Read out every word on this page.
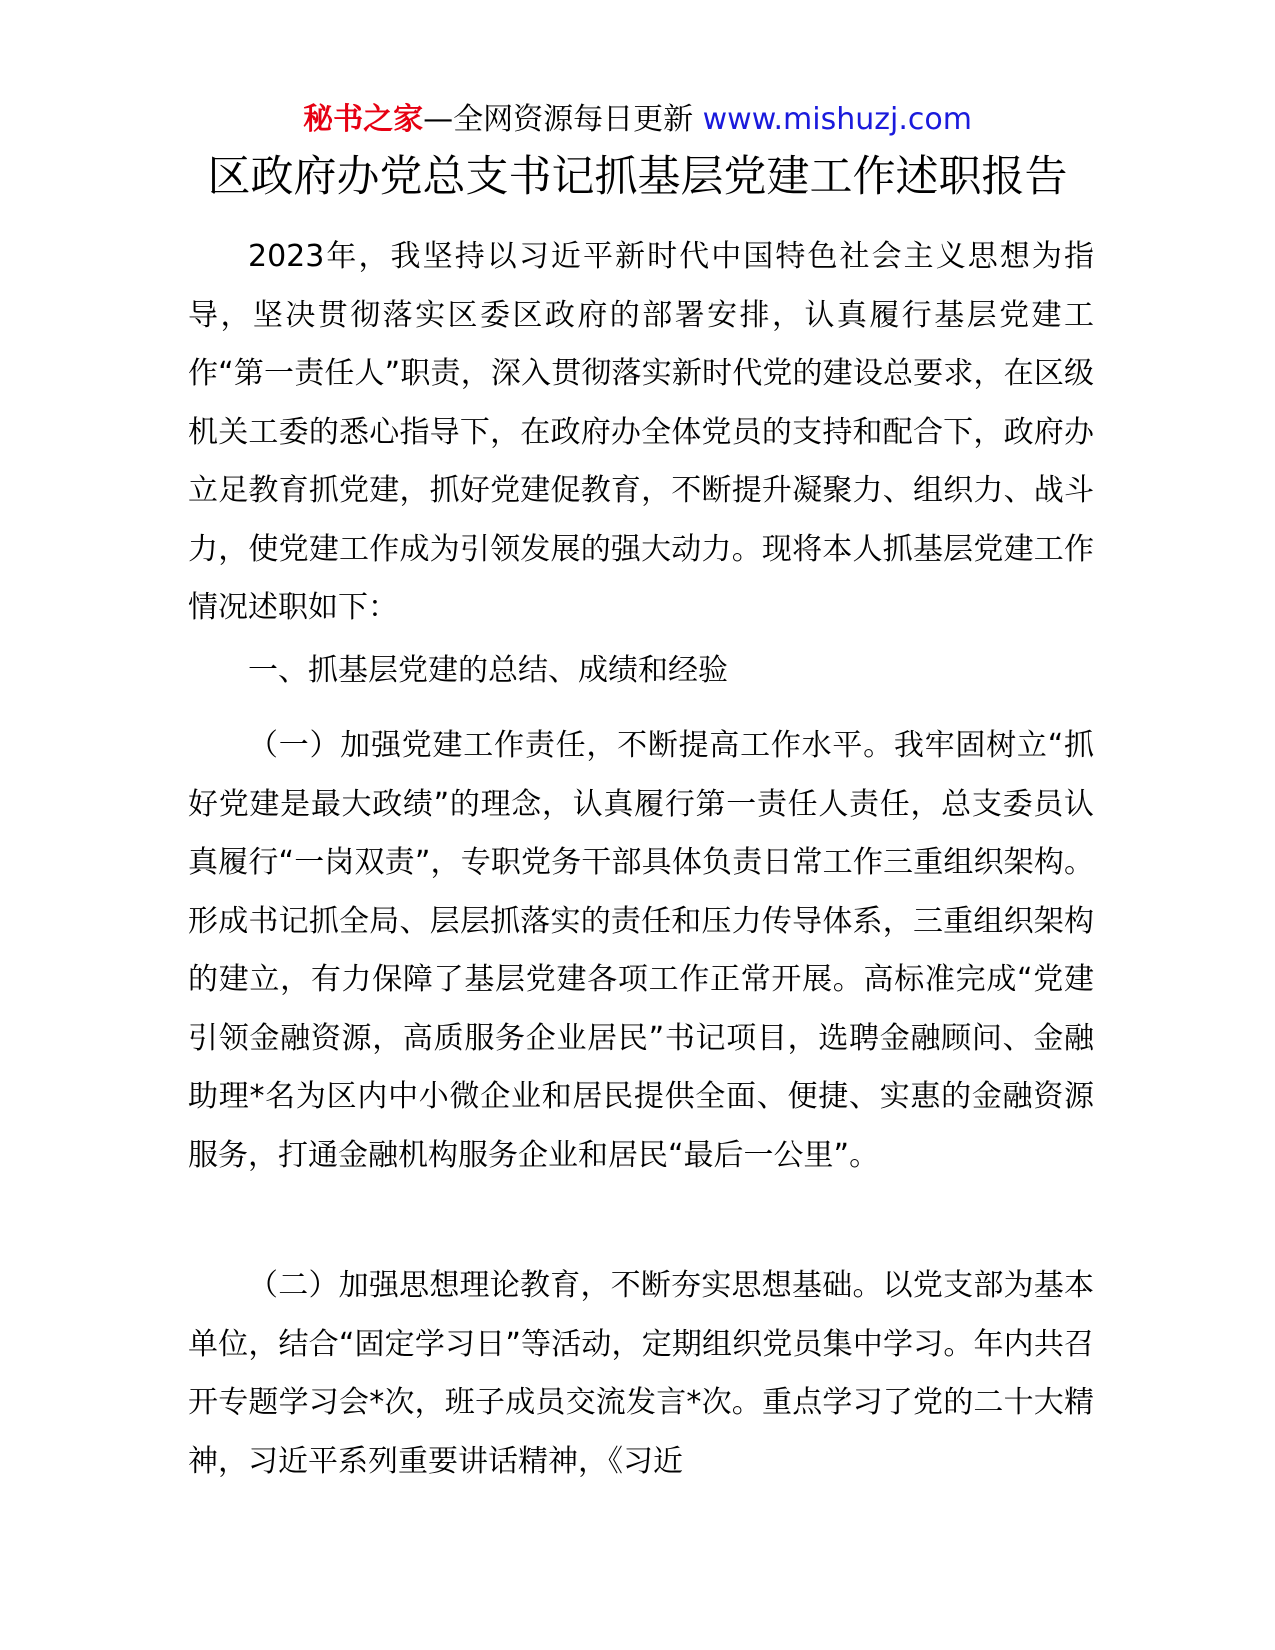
秘书之家—全网资源每日更新 www.mishuzj.com
区政府办党总支书记抓基层党建工作述职报告

2023年，我坚持以习近平新时代中国特色社会主义思想为指导，坚决贯彻落实区委区政府的部署安排，认真履行基层党建工作“第一责任人”职责，深入贯彻落实新时代党的建设总要求，在区级机关工委的悉心指导下，在政府办全体党员的支持和配合下，政府办立足教育抓党建，抓好党建促教育，不断提升凝聚力、组织力、战斗力，使党建工作成为引领发展的强大动力。现将本人抓基层党建工作情况述职如下：

一、抓基层党建的总结、成绩和经验

（一）加强党建工作责任，不断提高工作水平。我牢固树立“抓好党建是最大政绩”的理念，认真履行第一责任人责任，总支委员认真履行“一岗双责”，专职党务干部具体负责日常工作三重组织架构。形成书记抓全局、层层抓落实的责任和压力传导体系，三重组织架构的建立，有力保障了基层党建各项工作正常开展。高标准完成“党建引领金融资源，高质服务企业居民”书记项目，选聘金融顾问、金融助理*名为区内中小微企业和居民提供全面、便捷、实惠的金融资源服务，打通金融机构服务企业和居民“最后一公里”。

（二）加强思想理论教育，不断夯实思想基础。以党支部为基本单位，结合“固定学习日”等活动，定期组织党员集中学习。年内共召开专题学习会*次，班子成员交流发言*次。重点学习了党的二十大精神，习近平系列重要讲话精神，《习近
